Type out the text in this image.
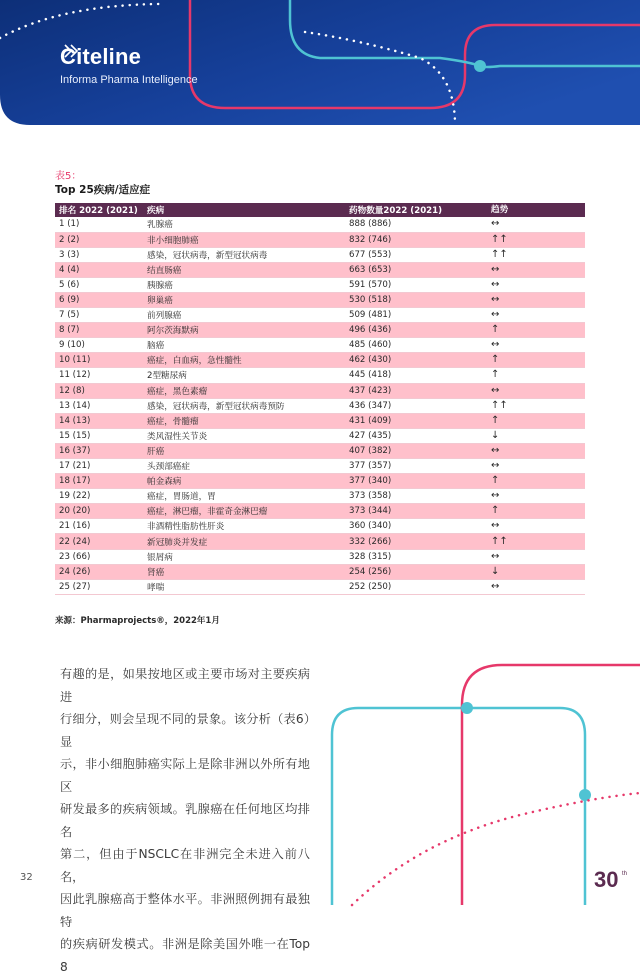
Citeline
Informa Pharma Intelligence
表5：
Top 25疾病/适应症
排名 2022 (2021)	疾病	药物数量2022 (2021)	趋势
1 (1)	乳腺癌	888 (886)	↔
2 (2)	非小细胞肺癌	832 (746)	↑↑
3 (3)	感染，冠状病毒，新型冠状病毒	677 (553)	↑↑
4 (4)	结直肠癌	663 (653)	↔
5 (6)	胰腺癌	591 (570)	↔
6 (9)	卵巢癌	530 (518)	↔
7 (5)	前列腺癌	509 (481)	↔
8 (7)	阿尔茨海默病	496 (436)	↑
9 (10)	脑癌	485 (460)	↔
10 (11)	癌症，白血病，急性髓性	462 (430)	↑
11 (12)	2型糖尿病	445 (418)	↑
12 (8)	癌症，黑色素瘤	437 (423)	↔
13 (14)	感染，冠状病毒，新型冠状病毒预防	436 (347)	↑↑
14 (13)	癌症，骨髓瘤	431 (409)	↑
15 (15)	类风湿性关节炎	427 (435)	↓
16 (37)	肝癌	407 (382)	↔
17 (21)	头颈部癌症	377 (357)	↔
18 (17)	帕金森病	377 (340)	↑
19 (22)	癌症，胃肠道，胃	373 (358)	↔
20 (20)	癌症，淋巴瘤，非霍奇金淋巴瘤	373 (344)	↑
21 (16)	非酒精性脂肪性肝炎	360 (340)	↔
22 (24)	新冠肺炎并发症	332 (266)	↑↑
23 (66)	银屑病	328 (315)	↔
24 (26)	肾癌	254 (256)	↓
25 (27)	哮喘	252 (250)	↔
来源：Pharmaprojects®，2022年1月
有趣的是，如果按地区或主要市场对主要疾病进
行细分，则会呈现不同的景象。该分析（表6）显
示，非小细胞肺癌实际上是除非洲以外所有地区
研发最多的疾病领域。乳腺癌在任何地区均排名
第二，但由于NSCLC在非洲完全未进入前八名，
因此乳腺癌高于整体水平。非洲照例拥有最独特
的疾病研发模式。非洲是除美国外唯一在Top 8
32	30 th
